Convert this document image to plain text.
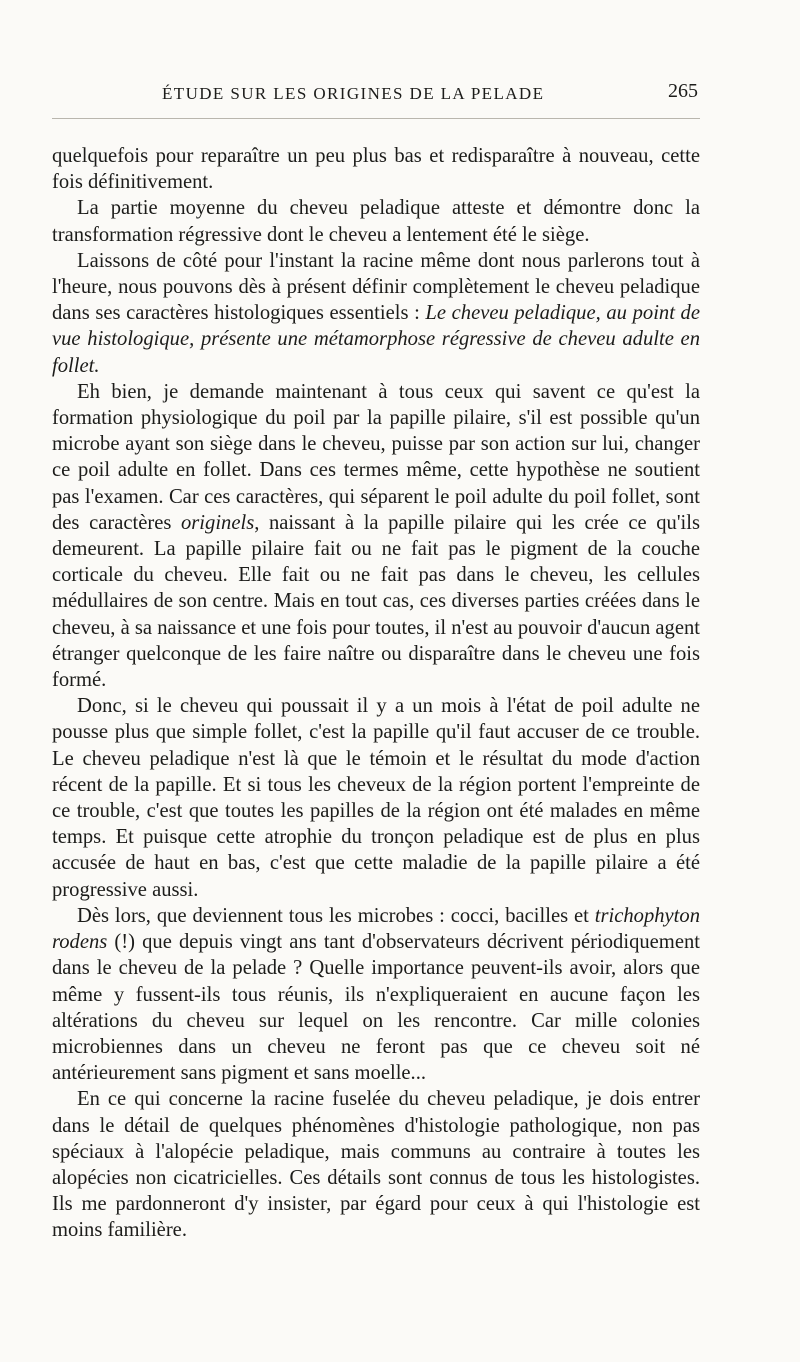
ÉTUDE SUR LES ORIGINES DE LA PELADE	265

quelquefois pour reparaître un peu plus bas et redisparaître à nouveau, cette fois définitivement.

La partie moyenne du cheveu peladique atteste et démontre donc la transformation régressive dont le cheveu a lentement été le siège.

Laissons de côté pour l'instant la racine même dont nous parlerons tout à l'heure, nous pouvons dès à présent définir complètement le cheveu peladique dans ses caractères histologiques essentiels : Le cheveu peladique, au point de vue histologique, présente une métamorphose régressive de cheveu adulte en follet.

Eh bien, je demande maintenant à tous ceux qui savent ce qu'est la formation physiologique du poil par la papille pilaire, s'il est possible qu'un microbe ayant son siège dans le cheveu, puisse par son action sur lui, changer ce poil adulte en follet. Dans ces termes même, cette hypothèse ne soutient pas l'examen. Car ces caractères, qui séparent le poil adulte du poil follet, sont des caractères originels, naissant à la papille pilaire qui les crée ce qu'ils demeurent. La papille pilaire fait ou ne fait pas le pigment de la couche corticale du cheveu. Elle fait ou ne fait pas dans le cheveu, les cellules médullaires de son centre. Mais en tout cas, ces diverses parties créées dans le cheveu, à sa naissance et une fois pour toutes, il n'est au pouvoir d'aucun agent étranger quelconque de les faire naître ou disparaître dans le cheveu une fois formé.

Donc, si le cheveu qui poussait il y a un mois à l'état de poil adulte ne pousse plus que simple follet, c'est la papille qu'il faut accuser de ce trouble. Le cheveu peladique n'est là que le témoin et le résultat du mode d'action récent de la papille. Et si tous les cheveux de la région portent l'empreinte de ce trouble, c'est que toutes les papilles de la région ont été malades en même temps. Et puisque cette atrophie du tronçon peladique est de plus en plus accusée de haut en bas, c'est que cette maladie de la papille pilaire a été progressive aussi.

Dès lors, que deviennent tous les microbes : cocci, bacilles et trichophyton rodens (!) que depuis vingt ans tant d'observateurs décrivent périodiquement dans le cheveu de la pelade ? Quelle importance peuvent-ils avoir, alors que même y fussent-ils tous réunis, ils n'expliqueraient en aucune façon les altérations du cheveu sur lequel on les rencontre. Car mille colonies microbiennes dans un cheveu ne feront pas que ce cheveu soit né antérieurement sans pigment et sans moelle...

En ce qui concerne la racine fuselée du cheveu peladique, je dois entrer dans le détail de quelques phénomènes d'histologie pathologique, non pas spéciaux à l'alopécie peladique, mais communs au contraire à toutes les alopécies non cicatricielles. Ces détails sont connus de tous les histologistes. Ils me pardonneront d'y insister, par égard pour ceux à qui l'histologie est moins familière.
